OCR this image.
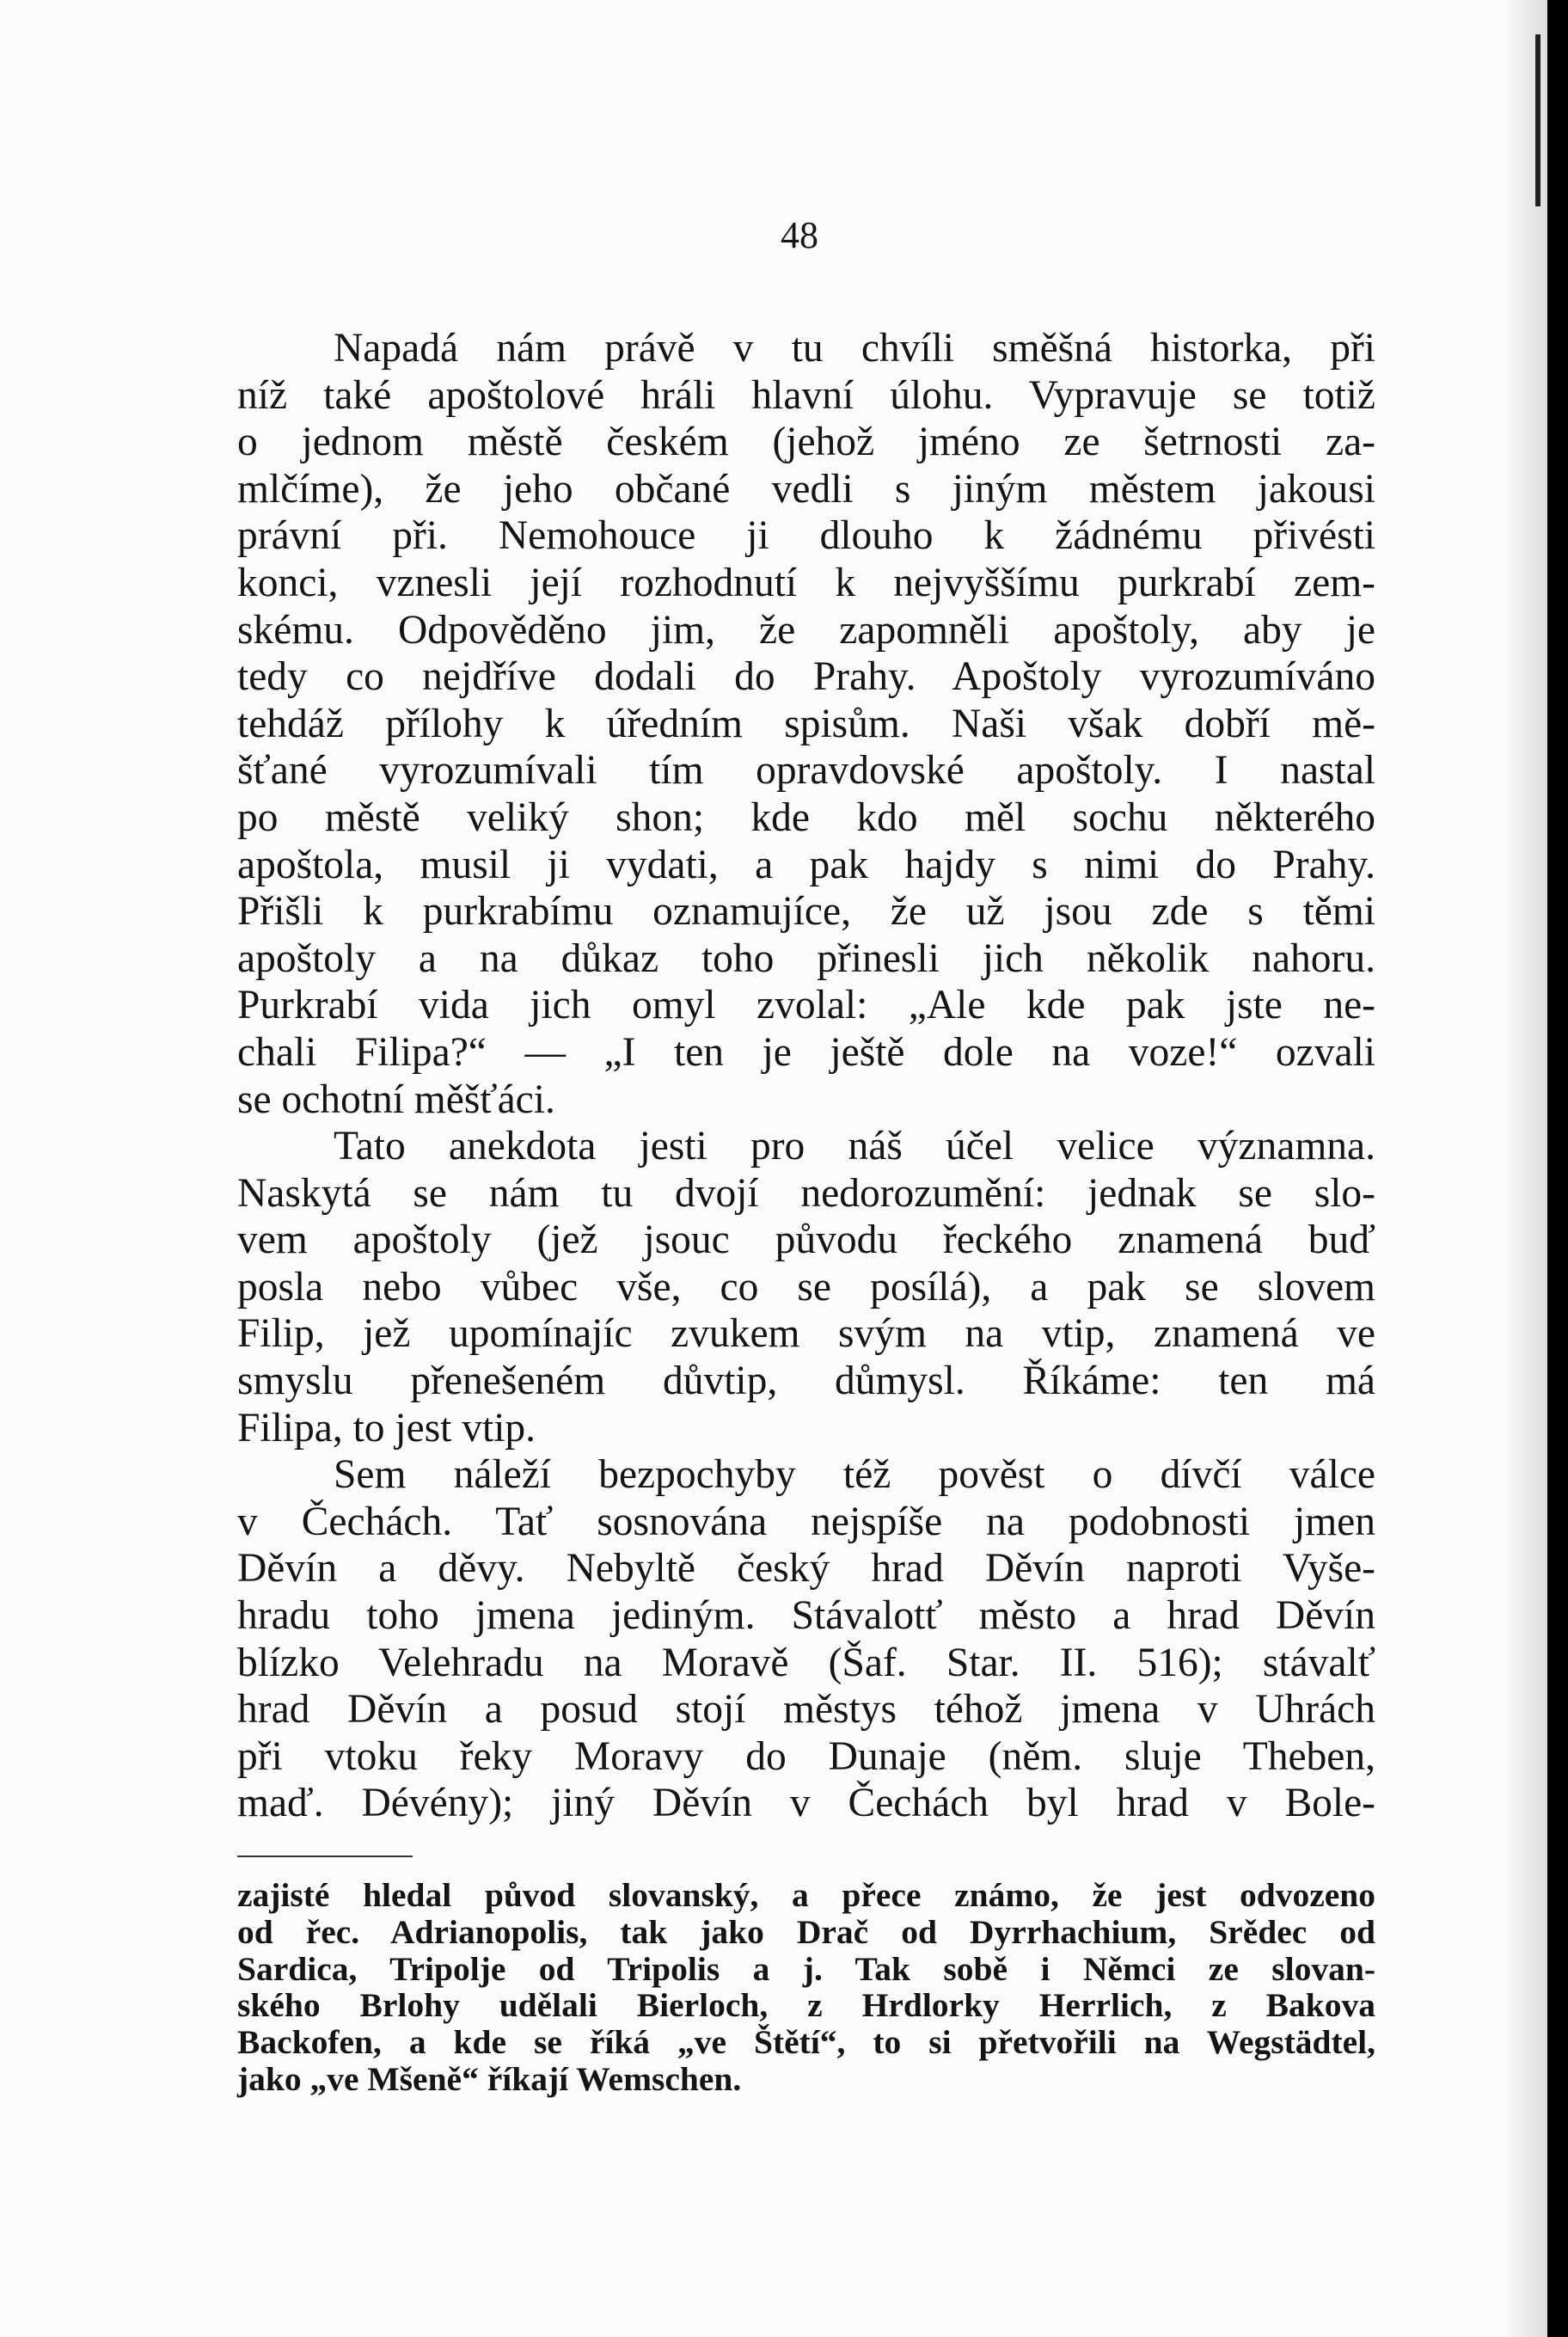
48
Napadá nám právě v tu chvíli směšná historka, při
níž také apoštolové hráli hlavní úlohu. Vypravuje se totiž
o jednom městě českém (jehož jméno ze šetrnosti za-
mlčíme), že jeho občané vedli s jiným městem jakousi
právní při. Nemohouce ji dlouho k žádnému přivésti
konci, vznesli její rozhodnutí k nejvyššímu purkrabí zem-
skému. Odpověděno jim, že zapomněli apoštoly, aby je
tedy co nejdříve dodali do Prahy. Apoštoly vyrozumíváno
tehdáž přílohy k úředním spisům. Naši však dobří mě-
šťané vyrozumívali tím opravdovské apoštoly. I nastal
po městě veliký shon; kde kdo měl sochu některého
apoštola, musil ji vydati, a pak hajdy s nimi do Prahy.
Přišli k purkrabímu oznamujíce, že už jsou zde s těmi
apoštoly a na důkaz toho přinesli jich několik nahoru.
Purkrabí vida jich omyl zvolal: „Ale kde pak jste ne-
chali Filipa?“ — „I ten je ještě dole na voze!“ ozvali
se ochotní měšťáci.
Tato anekdota jesti pro náš účel velice významna.
Naskytá se nám tu dvojí nedorozumění: jednak se slo-
vem apoštoly (jež jsouc původu řeckého znamená buď
posla nebo vůbec vše, co se posílá), a pak se slovem
Filip, jež upomínajíc zvukem svým na vtip, znamená ve
smyslu přenešeném důvtip, důmysl. Říkáme: ten má
Filipa, to jest vtip.
Sem náleží bezpochyby též pověst o dívčí válce
v Čechách. Tať sosnována nejspíše na podobnosti jmen
Děvín a děvy. Nebyltě český hrad Děvín naproti Vyše-
hradu toho jmena jediným. Stávalotť město a hrad Děvín
blízko Velehradu na Moravě (Šaf. Star. II. 516); stávalť
hrad Děvín a posud stojí městys téhož jmena v Uhrách
při vtoku řeky Moravy do Dunaje (něm. sluje Theben,
maď. Dévény); jiný Děvín v Čechách byl hrad v Bole-
zajisté hledal původ slovanský, a přece známo, že jest odvozeno
od řec. Adrianopolis, tak jako Drač od Dyrrhachium, Srědec od
Sardica, Tripolje od Tripolis a j. Tak sobě i Němci ze slovan-
ského Brlohy udělali Bierloch, z Hrdlorky Herrlich, z Bakova
Backofen, a kde se říká „ve Štětí“, to si přetvořili na Wegstädtel,
jako „ve Mšeně“ říkají Wemschen.
